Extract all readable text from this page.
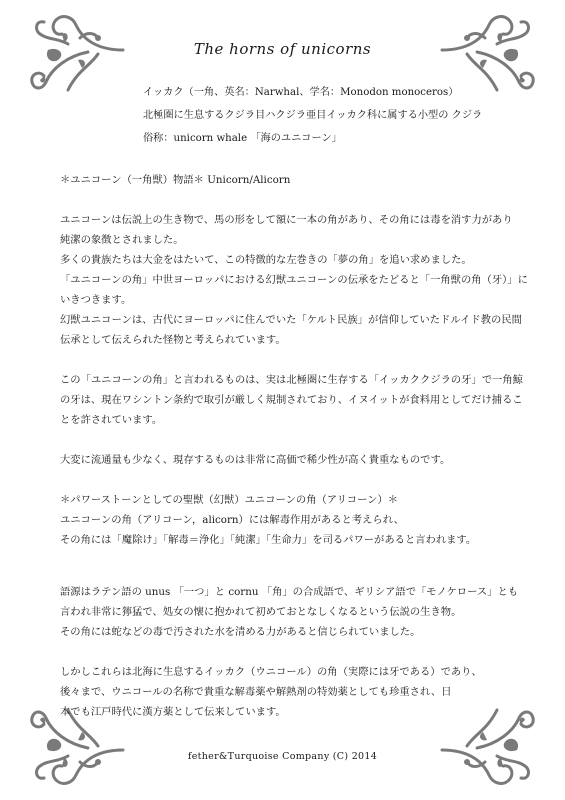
The horns of unicorns

イッカク（一角、英名：Narwhal、学名：Monodon monoceros）

北極圏に生息するクジラ目ハクジラ亜目イッカク科に属する小型の クジラ

俗称：unicorn whale 「海のユニコーン」

＊ユニコーン（一角獣）物語＊ Unicorn/Alicorn

ユニコーンは伝説上の生き物で、馬の形をして額に一本の角があり、その角には毒を消す力があり

純潔の象徴とされました。

多くの貴族たちは大金をはたいて、この特徴的な左巻きの「夢の角」を追い求めました。

「ユニコーンの角」中世ヨーロッパにおける幻獣ユニコーンの伝承をたどると「一角獣の角（牙）」に

いきつきます。

幻獣ユニコーンは、古代にヨーロッパに住んでいた「ケルト民族」が信仰していたドルイド教の民間

伝承として伝えられた怪物と考えられています。

この「ユニコーンの角」と言われるものは、実は北極圏に生存する「イッカククジラの牙」で一角鯨

の牙は、現在ワシントン条約で取引が厳しく規制されており、イヌイットが食料用としてだけ捕るこ

とを許されています。

大変に流通量も少なく、現存するものは非常に高価で稀少性が高く貴重なものです。

＊パワーストーンとしての聖獣（幻獣）ユニコーンの角（アリコーン）＊

ユニコーンの角（アリコーン，alicorn）には解毒作用があると考えられ、

その角には「魔除け」「解毒＝浄化」「純潔」「生命力」を司るパワーがあると言われます。

語源はラテン語の unus 「一つ」と cornu 「角」の合成語で、ギリシア語で「モノケロース」とも

言われ非常に獰猛で、処女の懐に抱かれて初めておとなしくなるという伝説の生き物。

その角には蛇などの毒で汚された水を清める力があると信じられていました。

しかしこれらは北海に生息するイッカク（ウニコール）の角（実際には牙である）であり、

後々まで、ウニコールの名称で貴重な解毒薬や解熱剤の特効薬としても珍重され、日

本でも江戸時代に漢方薬として伝来しています。

fether&Turquoise Company (C) 2014
